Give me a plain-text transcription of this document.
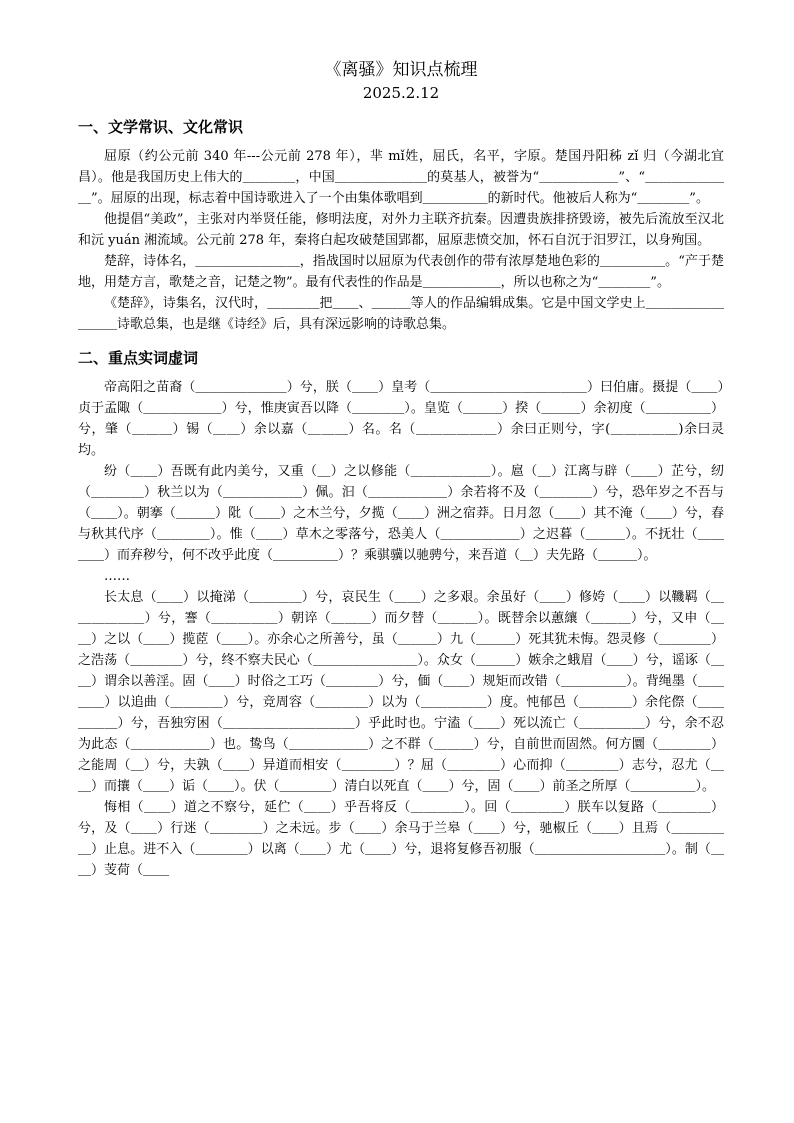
《离骚》知识点梳理

2025.2.12

一、文学常识、文化常识

屈原（约公元前 340 年---公元前 278 年），芈 mǐ姓，屈氏，名平，字原。楚国丹阳秭 zǐ 归（今湖北宜昌）。他是我国历史上伟大的＿＿＿＿，中国＿＿＿＿＿＿＿的莫基人，被誉为“＿＿＿＿＿＿”、“＿＿＿＿＿＿＿”。屈原的出现，标志着中国诗歌进入了一个由集体歌唱到＿＿＿＿＿的新时代。他被后人称为“＿＿＿＿”。

他提倡“美政”，主张对内举贤任能，修明法度，对外力主联齐抗秦。因遭贵族排挤毁谤，被先后流放至汉北和沅 yuán 湘流域。公元前 278 年，秦将白起攻破楚国郢都，屈原悲愤交加，怀石自沉于汨罗江，以身殉国。

楚辞，诗体名，＿＿＿＿＿＿＿＿，指战国时以屈原为代表创作的带有浓厚楚地色彩的＿＿＿＿＿。“产于楚地，用楚方言，歌楚之音，记楚之物”。最有代表性的作品是＿＿＿＿＿＿，所以也称之为“＿＿＿＿”。

《楚辞》，诗集名，汉代时，＿＿＿＿把＿＿、＿＿＿等人的作品编辑成集。它是中国文学史上＿＿＿＿＿＿＿＿＿诗歌总集，也是继《诗经》后，具有深远影响的诗歌总集。

二、重点实词虚词

帝高阳之苗裔（＿＿＿＿＿＿＿）兮，朕（＿＿）皇考（＿＿＿＿＿＿＿＿＿＿＿＿）曰伯庸。摄提（＿＿）贞于孟陬（＿＿＿＿＿＿）兮，惟庚寅吾以降（＿＿＿＿）。皇览（＿＿＿）揆（＿＿＿）余初度（＿＿＿＿＿）兮，肇（＿＿＿）锡（＿＿）余以嘉（＿＿＿）名。名（＿＿＿＿＿＿）余曰正则兮，字(＿＿＿＿＿)余曰灵均。

纷（＿＿）吾既有此内美兮，又重（＿）之以修能（＿＿＿＿＿＿）。扈（＿）江离与辟（＿＿）芷兮，纫（＿＿＿＿）秋兰以为（＿＿＿＿＿＿）佩。汩（＿＿＿＿＿＿）余若将不及（＿＿＿＿）兮，恐年岁之不吾与（＿＿）。朝搴（＿＿＿）阰（＿＿）之木兰兮，夕揽（＿＿）洲之宿莽。日月忽（＿＿）其不淹（＿＿）兮，春与秋其代序（＿＿＿＿）。惟（＿＿）草木之零落兮，恐美人（＿＿＿＿＿＿）之迟暮（＿＿＿）。不抚壮（＿＿＿＿）而弃秽兮，何不改乎此度（＿＿＿＿＿）？乘骐骥以驰骋兮，来吾道（＿）夫先路（＿＿＿）。

……

长太息（＿＿）以掩涕（＿＿＿＿）兮，哀民生（＿＿）之多艰。余虽好（＿＿）修姱（＿＿）以鞿羁（＿＿＿＿＿＿）兮，謇（＿＿＿＿＿）朝谇（＿＿＿）而夕替（＿＿＿）。既替余以蕙纕（＿＿＿）兮，又申（＿＿）之以（＿＿）揽茝（＿＿）。亦余心之所善兮，虽（＿＿＿）九（＿＿＿）死其犹未悔。怨灵修（＿＿＿＿）之浩荡（＿＿＿＿）兮，终不察夫民心（＿＿＿＿＿＿＿＿）。众女（＿＿＿）嫉余之蛾眉（＿＿）兮，谣诼（＿＿）谓余以善淫。固（＿＿）时俗之工巧（＿＿＿＿）兮，偭（＿＿）规矩而改错（＿＿＿＿＿）。背绳墨（＿＿＿＿）以追曲（＿＿＿＿）兮，竞周容（＿＿＿＿）以为（＿＿＿＿＿）度。忳郁邑（＿＿＿＿）余侘傺（＿＿＿＿＿）兮，吾独穷困（＿＿＿＿＿＿＿＿＿＿）乎此时也。宁溘（＿＿）死以流亡（＿＿＿＿＿）兮，余不忍为此态（＿＿＿＿＿＿）也。鸷鸟（＿＿＿＿＿＿）之不群（＿＿＿）兮，自前世而固然。何方圜（＿＿＿＿）之能周（＿）兮，夫孰（＿＿）异道而相安（＿＿＿＿）？屈（＿＿＿＿）心而抑（＿＿＿＿）志兮，忍尤（＿＿）而攘（＿＿）诟（＿＿）。伏（＿＿＿＿）清白以死直（＿＿）兮，固（＿＿）前圣之所厚（＿＿＿＿＿）。

悔相（＿＿）道之不察兮，延伫（＿＿）乎吾将反（＿＿＿＿）。回（＿＿＿＿）朕车以复路（＿＿＿＿）兮，及（＿＿）行迷（＿＿＿＿）之未远。步（＿＿）余马于兰皋（＿＿）兮，驰椒丘（＿＿）且焉（＿＿＿＿＿）止息。进不入（＿＿＿＿）以离（＿＿）尤（＿＿）兮，退将复修吾初服（＿＿＿＿＿＿＿＿＿＿）。制（＿＿）芰荷（＿＿
